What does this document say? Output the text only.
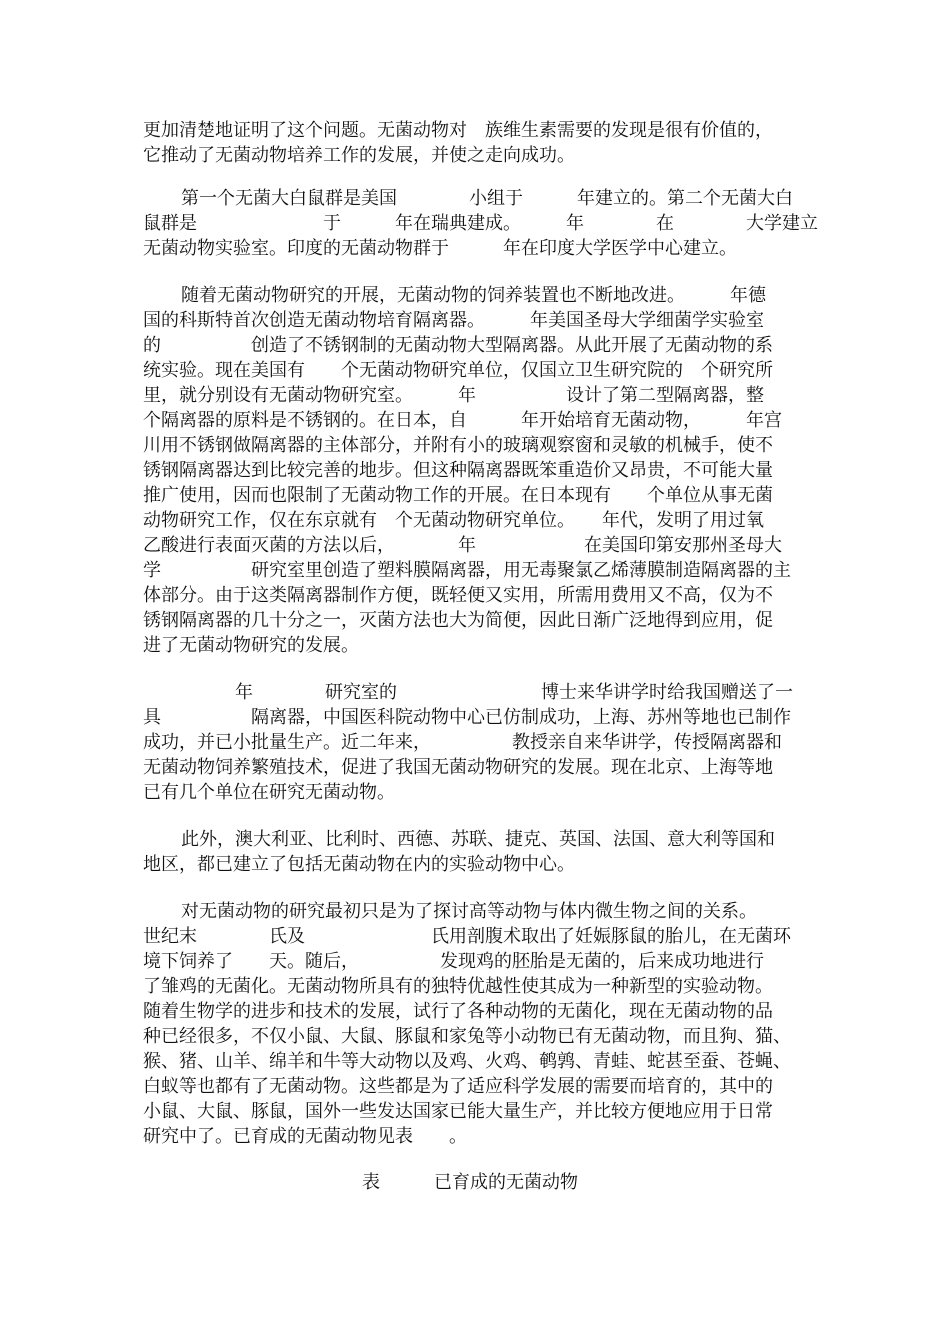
更加清楚地证明了这个问题。无菌动物对　族维生素需要的发现是很有价值的，
它推动了无菌动物培养工作的发展，并使之走向成功。
第一个无菌大白鼠群是美国　　　　小组于　　　年建立的。第二个无菌大白
鼠群是　　　　　　　于　　　年在瑞典建成。　　　年　　　　在　　　　大学建立
无菌动物实验室。印度的无菌动物群于　　　年在印度大学医学中心建立。
随着无菌动物研究的开展，无菌动物的饲养装置也不断地改进。　　　年德
国的科斯特首次创造无菌动物培育隔离器。　　　年美国圣母大学细菌学实验室
的　　　　　创造了不锈钢制的无菌动物大型隔离器。从此开展了无菌动物的系
统实验。现在美国有　　个无菌动物研究单位，仅国立卫生研究院的　个研究所
里，就分别设有无菌动物研究室。　　　年　　　　　设计了第二型隔离器，整
个隔离器的原料是不锈钢的。在日本，自　　　年开始培育无菌动物，　　　年宫
川用不锈钢做隔离器的主体部分，并附有小的玻璃观察窗和灵敏的机械手，使不
锈钢隔离器达到比较完善的地步。但这种隔离器既笨重造价又昂贵，不可能大量
推广使用，因而也限制了无菌动物工作的开展。在日本现有　　个单位从事无菌
动物研究工作，仅在东京就有　个无菌动物研究单位。　　年代，发明了用过氧
乙酸进行表面灭菌的方法以后，　　　　年　　　　　　在美国印第安那州圣母大
学　　　　　研究室里创造了塑料膜隔离器，用无毒聚氯乙烯薄膜制造隔离器的主
体部分。由于这类隔离器制作方便，既轻便又实用，所需用费用又不高，仅为不
锈钢隔离器的几十分之一，灭菌方法也大为简便，因此日渐广泛地得到应用，促
进了无菌动物研究的发展。
　　　年　　　　研究室的　　　　　　　　博士来华讲学时给我国赠送了一
具　　　　　隔离器，中国医科院动物中心已仿制成功，上海、苏州等地也已制作
成功，并已小批量生产。近二年来，　　　　　教授亲自来华讲学，传授隔离器和
无菌动物饲养繁殖技术，促进了我国无菌动物研究的发展。现在北京、上海等地
已有几个单位在研究无菌动物。
此外，澳大利亚、比利时、西德、苏联、捷克、英国、法国、意大利等国和
地区，都已建立了包括无菌动物在内的实验动物中心。
对无菌动物的研究最初只是为了探讨高等动物与体内微生物之间的关系。
世纪末　　　　氏及　　　　　　　氏用剖腹术取出了妊娠豚鼠的胎儿，在无菌环
境下饲养了　　天。随后，　　　　　发现鸡的胚胎是无菌的，后来成功地进行
了雏鸡的无菌化。无菌动物所具有的独特优越性使其成为一种新型的实验动物。
随着生物学的进步和技术的发展，试行了各种动物的无菌化，现在无菌动物的品
种已经很多，不仅小鼠、大鼠、豚鼠和家兔等小动物已有无菌动物，而且狗、猫、
猴、猪、山羊、绵羊和牛等大动物以及鸡、火鸡、鹌鹑、青蛙、蛇甚至蚕、苍蝇、
白蚁等也都有了无菌动物。这些都是为了适应科学发展的需要而培育的，其中的
小鼠、大鼠、豚鼠，国外一些发达国家已能大量生产，并比较方便地应用于日常
研究中了。已育成的无菌动物见表　　。
表　　　已育成的无菌动物
